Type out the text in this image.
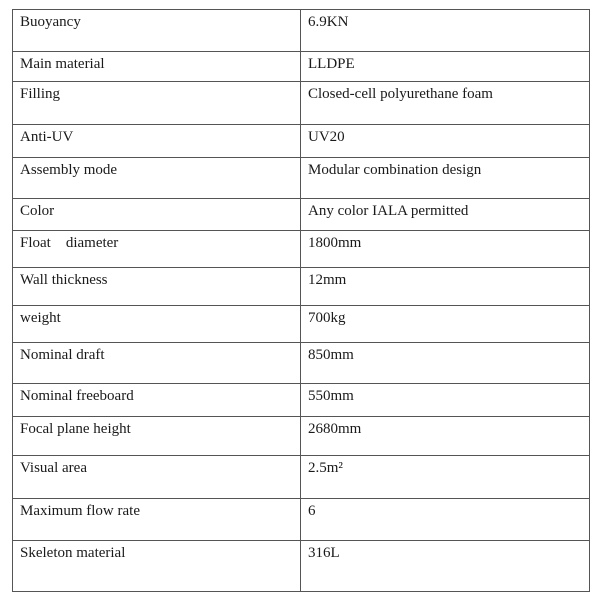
Buoyancy	6.9KN
Main material	LLDPE
Filling	Closed-cell polyurethane foam
Anti-UV	UV20
Assembly mode	Modular combination design
Color	Any color IALA permitted
Float    diameter	1800mm
Wall thickness	12mm
weight	700kg
Nominal draft	850mm
Nominal freeboard	550mm
Focal plane height	2680mm
Visual area	2.5m²
Maximum flow rate	6
Skeleton material	316L
